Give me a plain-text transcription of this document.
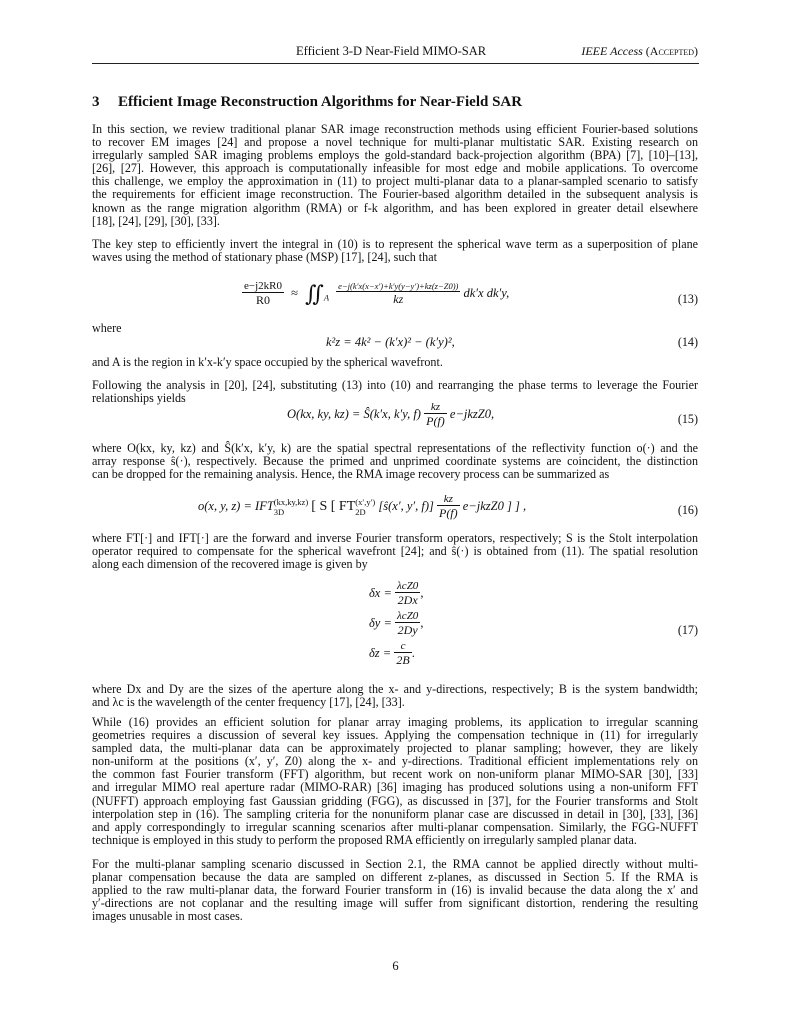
Efficient 3-D Near-Field MIMO-SAR	IEEE Access (Accepted)
3 Efficient Image Reconstruction Algorithms for Near-Field SAR
In this section, we review traditional planar SAR image reconstruction methods using efficient Fourier-based solutions
to recover EM images [24] and propose a novel technique for multi-planar multistatic SAR. Existing research on
irregularly sampled SAR imaging problems employs the gold-standard back-projection algorithm (BPA) [7], [10]–[13],
[26], [27]. However, this approach is computationally infeasible for most edge and mobile applications. To overcome
this challenge, we employ the approximation in (11) to project multi-planar data to a planar-sampled scenario to satisfy
the requirements for efficient image reconstruction. The Fourier-based algorithm detailed in the subsequent analysis is
known as the range migration algorithm (RMA) or f-k algorithm, and has been explored in greater detail elsewhere
[18], [24], [29], [30], [33].
The key step to efficiently invert the integral in (10) is to represent the spherical wave term as a superposition of plane
waves using the method of stationary phase (MSP) [17], [24], such that
$\frac{e-j2kR0}{R0}$ ≈ $∬_A \frac{e-j(k'x(x-x')+k'y(y-y')+kz(z-Z0))}{kz} dk'x$ dk′y,	(13)
where
k²z = 4k² − (k′x)² − (k′y)²,	(14)
and A is the region in k′x-k′y space occupied by the spherical wavefront.
Following the analysis in [20], [24], substituting (13) into (10) and rearranging the phase terms to leverage the Fourier
relationships yields
O(kx, ky, kz) = Ŝ(k′x, k′y, $f) \frac{kz}{P(f)}$ e−jkzZ0,	(15)
where O(kx, ky, kz) and Ŝ(k′x, k′y, k) are the spatial spectral representations of the reflectivity function o(·) and the
array response ŝ(·), respectively. Because the primed and unprimed coordinate systems are coincident, the distinction
can be dropped for the remaining analysis. Hence, the RMA image recovery process can be summarized as
o(x, y, z) = IFT (kx,ky,kz)
3D	[ S [ FT (x′,y′)
2D	[ŝ(x′, y′, $f)] \frac{kz}{P(f)}$ e−jkzZ0 ] ] ,	(16)
where FT[·] and IFT[·] are the forward and inverse Fourier transform operators, respectively; S is the Stolt interpolation
operator required to compensate for the spherical wavefront [24]; and ŝ(·) is obtained from (11). The spatial resolution
along each dimension of the recovered image is given by
$\delta x = \frac{\text{λcZ0}}{2Dx}$ ,
$\delta y = \frac{\text{λcZ0}}{2Dy}$ ,
$\delta z = \frac{c}{2B}$ .
(17)
where Dx and Dy are the sizes of the aperture along the x- and y-directions, respectively; B is the system bandwidth;
and λc is the wavelength of the center frequency [17], [24], [33].
While (16) provides an efficient solution for planar array imaging problems, its application to irregular scanning
geometries requires a discussion of several key issues. Applying the compensation technique in (11) for irregularly
sampled data, the multi-planar data can be approximately projected to planar sampling; however, they are likely
non-uniform at the positions (x′, y′, Z0) along the x- and y-directions. Traditional efficient implementations rely on
the common fast Fourier transform (FFT) algorithm, but recent work on non-uniform planar MIMO-SAR [30], [33]
and irregular MIMO real aperture radar (MIMO-RAR) [36] imaging has produced solutions using a non-uniform FFT
(NUFFT) approach employing fast Gaussian gridding (FGG), as discussed in [37], for the Fourier transforms and Stolt
interpolation step in (16). The sampling criteria for the nonuniform planar case are discussed in detail in [30], [33], [36]
and apply correspondingly to irregular scanning scenarios after multi-planar compensation. Similarly, the FGG-NUFFT
technique is employed in this study to perform the proposed RMA efficiently on irregularly sampled planar data.
For the multi-planar sampling scenario discussed in Section 2.1, the RMA cannot be applied directly without multi-
planar compensation because the data are sampled on different z-planes, as discussed in Section 5. If the RMA is
applied to the raw multi-planar data, the forward Fourier transform in (16) is invalid because the data along the x′ and
y′-directions are not coplanar and the resulting image will suffer from significant distortion, rendering the resulting
images unusable in most cases.
6
